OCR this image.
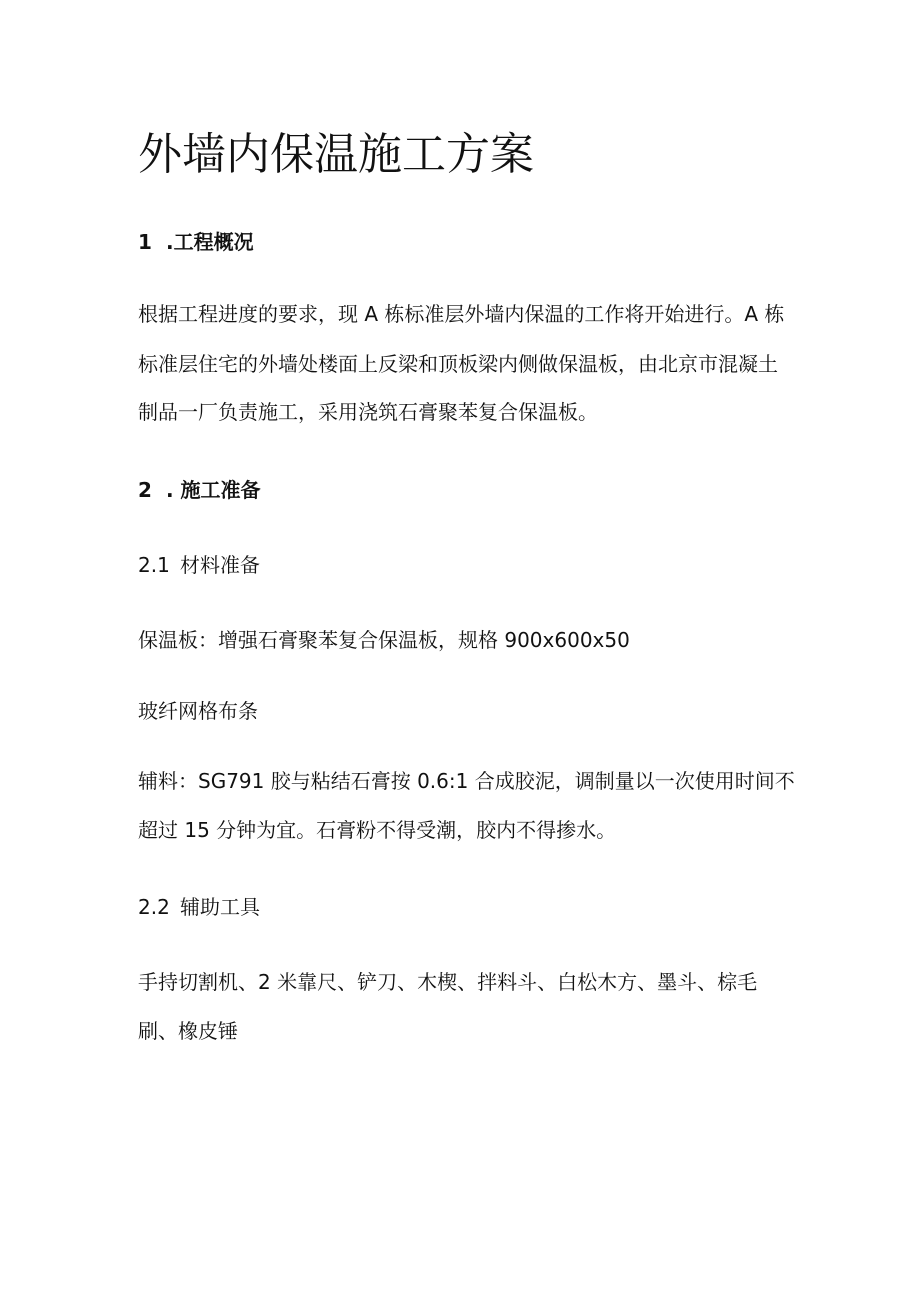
外墙内保温施工方案
1 .工程概况

根据工程进度的要求，现 A 栋标准层外墙内保温的工作将开始进行。A 栋

标准层住宅的外墙处楼面上反梁和顶板梁内侧做保温板，由北京市混凝土

制品一厂负责施工，采用浇筑石膏聚苯复合保温板。

2 . 施工准备
2.1 材料准备

保温板：增强石膏聚苯复合保温板，规格 900x600x50

玻纤网格布条

辅料：SG791 胶与粘结石膏按 0.6:1 合成胶泥，调制量以一次使用时间不

超过 15 分钟为宜。石膏粉不得受潮，胶内不得掺水。

2.2 辅助工具

手持切割机、2 米靠尺、铲刀、木楔、拌料斗、白松木方、墨斗、棕毛

刷、橡皮锤
